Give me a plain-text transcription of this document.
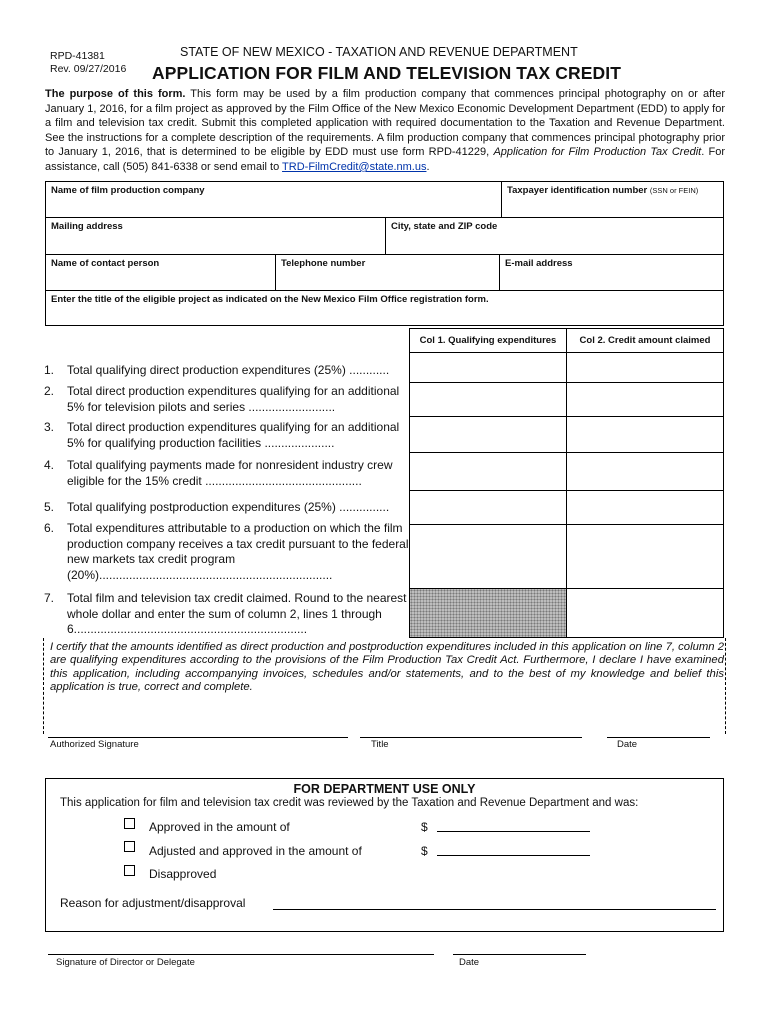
RPD-41381
Rev. 09/27/2016
STATE OF NEW MEXICO - TAXATION AND REVENUE DEPARTMENT
APPLICATION FOR FILM AND TELEVISION TAX CREDIT
The purpose of this form. This form may be used by a film production company that commences principal photography on or after January 1, 2016, for a film project as approved by the Film Office of the New Mexico Economic Development Department (EDD) to apply for a film and television tax credit. Submit this completed application with required documentation to the Taxation and Revenue Department. See the instructions for a complete description of the requirements. A film production company that commences principal photography prior to January 1, 2016, that is determined to be eligible by EDD must use form RPD-41229, Application for Film Production Tax Credit. For assistance, call (505) 841-6338 or send email to TRD-FilmCredit@state.nm.us.
Name of film production company	Taxpayer identification number (SSN or FEIN)
Mailing address	City, state and ZIP code
Name of contact person	Telephone number	E-mail address
Enter the title of the eligible project as indicated on the New Mexico Film Office registration form.
Col 1. Qualifying expenditures	Col 2. Credit amount claimed
1. Total qualifying direct production expenditures (25%) ............
2. Total direct production expenditures qualifying for an additional 5% for television pilots and series ..........................
3. Total direct production expenditures qualifying for an additional 5% for qualifying production facilities .....................
4. Total qualifying payments made for nonresident industry crew eligible for the 15% credit ...............................................
5. Total qualifying postproduction expenditures (25%) ...............
6. Total expenditures attributable to a production on which the film production company receives a tax credit pursuant to the federal new markets tax credit program (20%)......................................................................
7. Total film and television tax credit claimed. Round to the nearest whole dollar and enter the sum of column 2, lines 1 through 6......................................................................
I certify that the amounts identified as direct production and postproduction expenditures included in this application on line 7, column 2 are qualifying expenditures according to the provisions of the Film Production Tax Credit Act. Furthermore, I declare I have examined this application, including accompanying invoices, schedules and/or statements, and to the best of my knowledge and belief this application is true, correct and complete.
Authorized Signature	Title	Date
FOR DEPARTMENT USE ONLY
This application for film and television tax credit was reviewed by the Taxation and Revenue Department and was:
Approved in the amount of	$
Adjusted and approved in the amount of	$
Disapproved
Reason for adjustment/disapproval
Signature of Director or Delegate	Date
